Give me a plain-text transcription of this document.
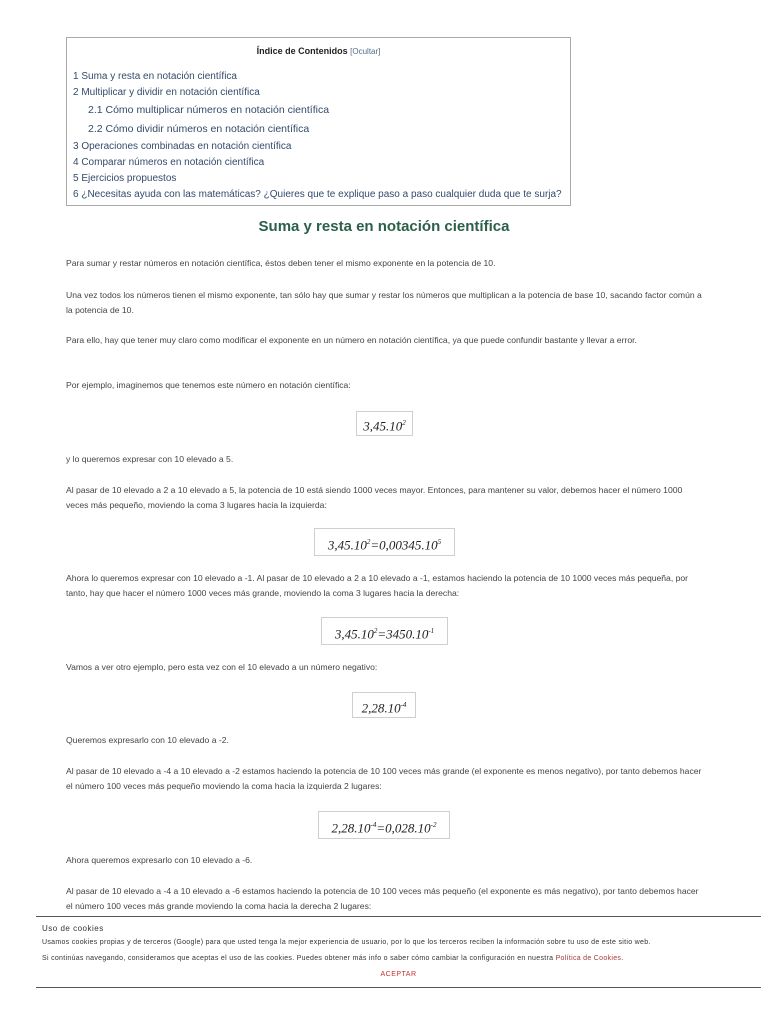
Índice de Contenidos [Ocultar]
1 Suma y resta en notación científica
2 Multiplicar y dividir en notación científica
2.1 Cómo multiplicar números en notación científica
2.2 Cómo dividir números en notación científica
3 Operaciones combinadas en notación científica
4 Comparar números en notación científica
5 Ejercicios propuestos
6 ¿Necesitas ayuda con las matemáticas? ¿Quieres que te explique paso a paso cualquier duda que te surja?
Suma y resta en notación científica
Para sumar y restar números en notación científica, éstos deben tener el mismo exponente en la potencia de 10.
Una vez todos los números tienen el mismo exponente, tan sólo hay que sumar y restar los números que multiplican a la potencia de base 10, sacando factor común a la potencia de 10.
Para ello, hay que tener muy claro como modificar el exponente en un número en notación científica, ya que puede confundir bastante y llevar a error.
Por ejemplo, imaginemos que tenemos este número en notación científica:
3,45.10$^2$
y lo queremos expresar con 10 elevado a 5.
Al pasar de 10 elevado a 2 a 10 elevado a 5, la potencia de 10 está siendo 1000 veces mayor. Entonces, para mantener su valor, debemos hacer el número 1000 veces más pequeño, moviendo la coma 3 lugares hacia la izquierda:
$3,45.10^2=0,00345.10^5$
Ahora lo queremos expresar con 10 elevado a -1. Al pasar de 10 elevado a 2 a 10 elevado a -1, estamos haciendo la potencia de 10 1000 veces más pequeña, por tanto, hay que hacer el número 1000 veces más grande, moviendo la coma 3 lugares hacia la derecha:
$3,45.10^2=3450.10^{-1}$
Vamos a ver otro ejemplo, pero esta vez con el 10 elevado a un número negativo:
$2,28.10^{-4}$
Queremos expresarlo con 10 elevado a -2.
Al pasar de 10 elevado a -4 a 10 elevado a -2 estamos haciendo la potencia de 10 100 veces más grande (el exponente es menos negativo), por tanto debemos hacer el número 100 veces más pequeño moviendo la coma hacia la izquierda 2 lugares:
$2,28.10^{-4}=0,028.10^{-2}$
Ahora queremos expresarlo con 10 elevado a -6.
Al pasar de 10 elevado a -4 a 10 elevado a -6 estamos haciendo la potencia de 10 100 veces más pequeño (el exponente es más negativo), por tanto debemos hacer el número 100 veces más grande moviendo la coma hacia la derecha 2 lugares:
Uso de cookies
Usamos cookies propias y de terceros (Google) para que usted tenga la mejor experiencia de usuario, por lo que los terceros reciben la información sobre tu uso de este sitio web.
Si continúas navegando, consideramos que aceptas el uso de las cookies. Puedes obtener más info o saber cómo cambiar la configuración en nuestra Política de Cookies.
ACEPTAR
